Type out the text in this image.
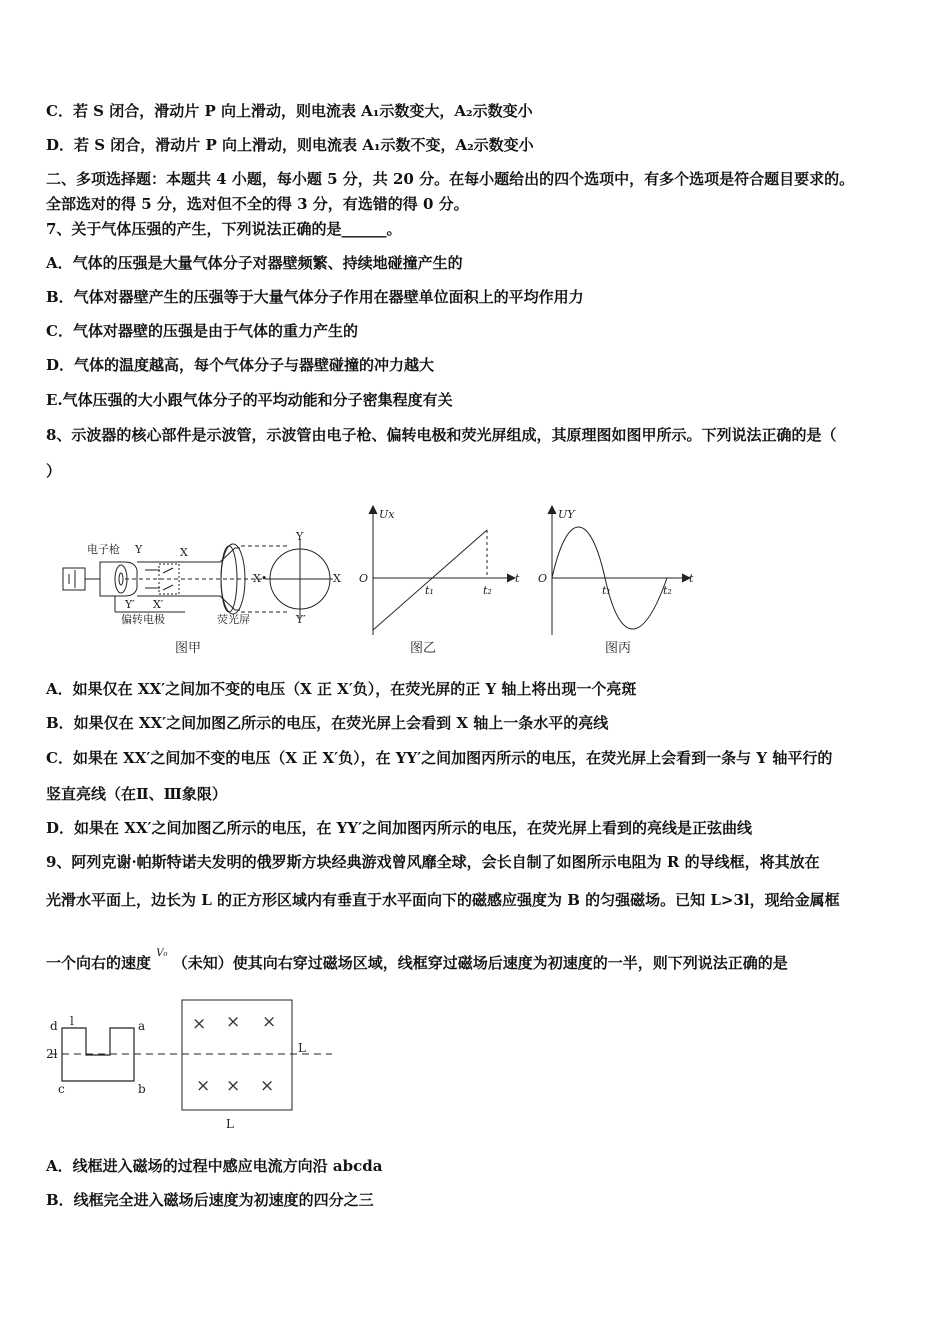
C．若 S 闭合，滑动片 P 向上滑动，则电流表 A₁示数变大，A₂示数变小
D．若 S 闭合，滑动片 P 向上滑动，则电流表 A₁示数不变，A₂示数变小
二、多项选择题：本题共 4 小题，每小题 5 分，共 20 分。在每小题给出的四个选项中，有多个选项是符合题目要求的。
全部选对的得 5 分，选对但不全的得 3 分，有选错的得 0 分。
7、关于气体压强的产生，下列说法正确的是______。
A．气体的压强是大量气体分子对器壁频繁、持续地碰撞产生的
B．气体对器壁产生的压强等于大量气体分子作用在器壁单位面积上的平均作用力
C．气体对器壁的压强是由于气体的重力产生的
D．气体的温度越高，每个气体分子与器壁碰撞的冲力越大
E.气体压强的大小跟气体分子的平均动能和分子密集程度有关
8、示波器的核心部件是示波管，示波管由电子枪、偏转电极和荧光屏组成，其原理图如图甲所示。下列说法正确的是（
）
电子枪 Y	X
Y′ X′
偏转电极	荧光屏
Y
Y′
X•	X
图甲
Ux
O
t₁	t₂
t
图乙
UY
O
t₁	t₂
t
图丙
A．如果仅在 XX′之间加不变的电压（X 正 X′负），在荧光屏的正 Y 轴上将出现一个亮斑
B．如果仅在 XX′之间加图乙所示的电压，在荧光屏上会看到 X 轴上一条水平的亮线
C．如果在 XX′之间加不变的电压（X 正 X′负），在 YY′之间加图丙所示的电压，在荧光屏上会看到一条与 Y 轴平行的
竖直亮线（在Ⅱ、Ⅲ象限）
D．如果在 XX′之间加图乙所示的电压，在 YY′之间加图丙所示的电压，在荧光屏上看到的亮线是正弦曲线
9、阿列克谢·帕斯特诺夫发明的俄罗斯方块经典游戏曾风靡全球，会长自制了如图所示电阻为 R 的导线框，将其放在
光滑水平面上，边长为 L 的正方形区域内有垂直于水平面向下的磁感应强度为 B 的匀强磁场。已知 L>3l，现给金属框
一个向右的速度 $^{V_0}$ （未知）使其向右穿过磁场区域，线框穿过磁场后速度为初速度的一半，则下列说法正确的是
d l	a
2l
c	b
L
L
× × ×
× × ×
A．线框进入磁场的过程中感应电流方向沿 abcda
B．线框完全进入磁场后速度为初速度的四分之三
